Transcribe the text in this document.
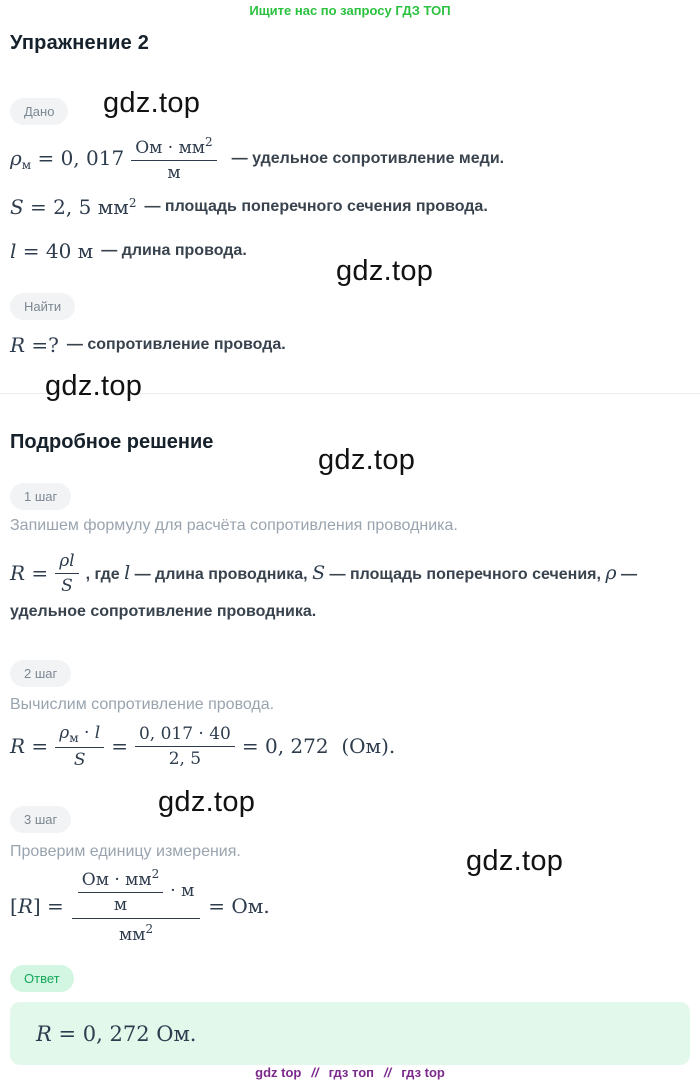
Ищите нас по запросу ГДЗ ТОП
Упражнение 2
Дано
$\rho_м = 0$, $017 \frac{Ом \cdot мм^2}{м}$ — удельное сопротивление меди.
S = 2, 5 $мм^2$ — площадь поперечного сечения провода.
l = 40 м — длина провода.
Найти
R =? — сопротивление провода.
Подробное решение
1 шаг
Запишем формулу для расчёта сопротивления проводника.
$R = \frac{\rho l}{S}$ , где l — длина проводника, S — площадь поперечного сечения, ρ —
удельное сопротивление проводника.
2 шаг
Вычислим сопротивление провода.
$R = \frac{\rho_м \cdot l}{S} = \frac{0, 017 \cdot 40}{2, 5} = 0$, 272  (Ом).
3 шаг
Проверим единицу измерения.
$[R] = \frac{Ом \cdot мм^2}{м} \cdot м$
$мм^2$
= Ом.
Ответ
R = 0, 272 Ом.
gdz.top
gdz.top
gdz.top
gdz.top
gdz.top
gdz.top
gdz top // гдз топ // гдз top
